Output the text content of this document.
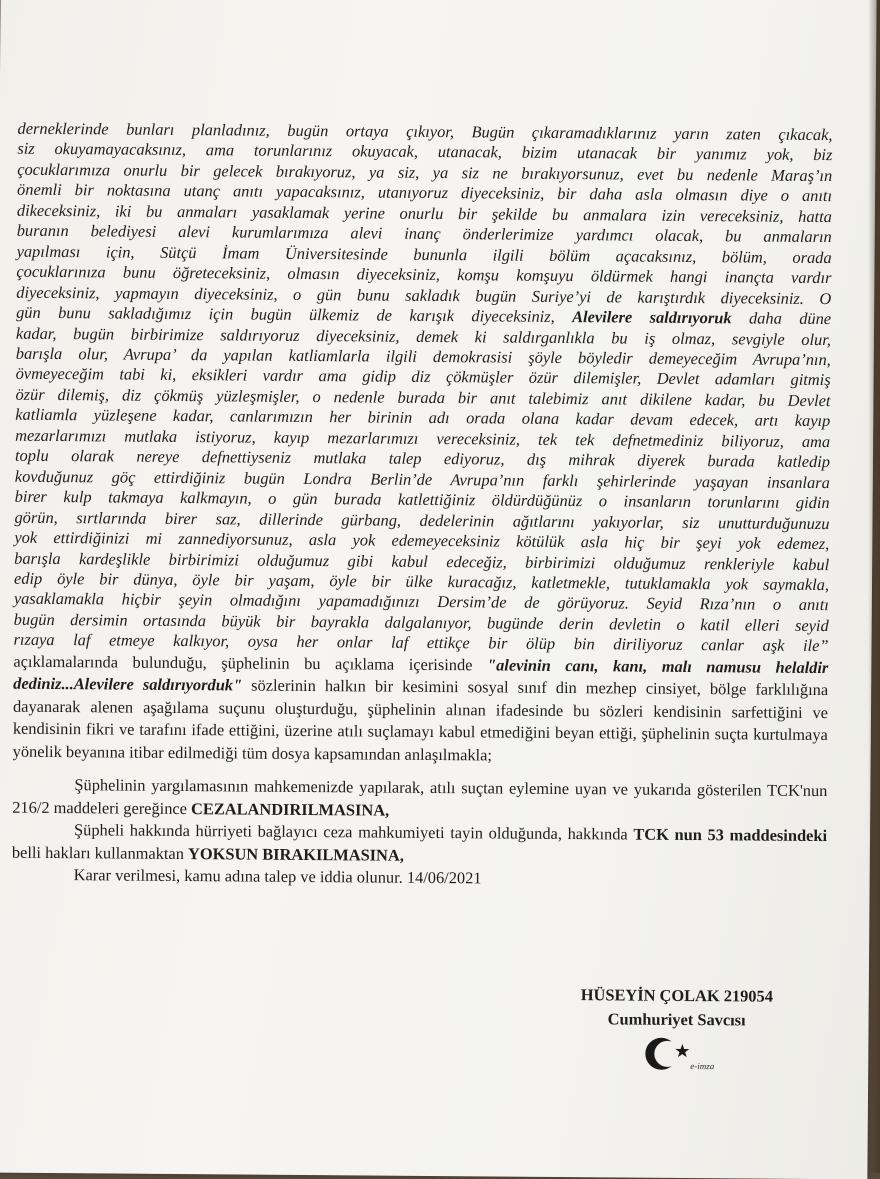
derneklerinde bunları planladınız, bugün ortaya çıkıyor, Bugün çıkaramadıklarınız yarın zaten çıkacak,

siz okuyamayacaksınız, ama torunlarınız okuyacak, utanacak, bizim utanacak bir yanımız yok, biz

çocuklarımıza onurlu bir gelecek bırakıyoruz, ya siz, ya siz ne bırakıyorsunuz, evet bu nedenle Maraş’ın

önemli bir noktasına utanç anıtı yapacaksınız, utanıyoruz diyeceksiniz, bir daha asla olmasın diye o anıtı

dikeceksiniz, iki bu anmaları yasaklamak yerine onurlu bir şekilde bu anmalara izin vereceksiniz, hatta

buranın belediyesi alevi kurumlarımıza alevi inanç önderlerimize yardımcı olacak, bu anmaların

yapılması için, Sütçü İmam Üniversitesinde bununla ilgili bölüm açacaksınız, bölüm, orada

çocuklarınıza bunu öğreteceksiniz, olmasın diyeceksiniz, komşu komşuyu öldürmek hangi inançta vardır

diyeceksiniz, yapmayın diyeceksiniz, o gün bunu sakladık bugün Suriye’yi de karıştırdık diyeceksiniz. O

gün bunu sakladığımız için bugün ülkemiz de karışık diyeceksiniz, Alevilere saldırıyoruk daha düne

kadar, bugün birbirimize saldırıyoruz diyeceksiniz, demek ki saldırganlıkla bu iş olmaz, sevgiyle olur,

barışla olur, Avrupa’ da yapılan katliamlarla ilgili demokrasisi şöyle böyledir demeyeceğim Avrupa’nın,

övmeyeceğim tabi ki, eksikleri vardır ama gidip diz çökmüşler özür dilemişler, Devlet adamları gitmiş

özür dilemiş, diz çökmüş yüzleşmişler, o nedenle burada bir anıt talebimiz anıt dikilene kadar, bu Devlet

katliamla yüzleşene kadar, canlarımızın her birinin adı orada olana kadar devam edecek, artı kayıp

mezarlarımızı mutlaka istiyoruz, kayıp mezarlarımızı vereceksiniz, tek tek defnetmediniz biliyoruz, ama

toplu olarak nereye defnettiyseniz mutlaka talep ediyoruz, dış mihrak diyerek burada katledip

kovduğunuz göç ettirdiğiniz bugün Londra Berlin’de Avrupa’nın farklı şehirlerinde yaşayan insanlara

birer kulp takmaya kalkmayın, o gün burada katlettiğiniz öldürdüğünüz o insanların torunlarını gidin

görün, sırtlarında birer saz, dillerinde gürbang, dedelerinin ağıtlarını yakıyorlar, siz unutturduğunuzu

yok ettirdiğinizi mi zannediyorsunuz, asla yok edemeyeceksiniz kötülük asla hiç bir şeyi yok edemez,

barışla kardeşlikle birbirimizi olduğumuz gibi kabul edeceğiz, birbirimizi olduğumuz renkleriyle kabul

edip öyle bir dünya, öyle bir yaşam, öyle bir ülke kuracağız, katletmekle, tutuklamakla yok saymakla,

yasaklamakla hiçbir şeyin olmadığını yapamadığınızı Dersim’de de görüyoruz. Seyid Rıza’nın o anıtı

bugün dersimin ortasında büyük bir bayrakla dalgalanıyor, bugünde derin devletin o katil elleri seyid

rızaya laf etmeye kalkıyor, oysa her onlar laf ettikçe bir ölüp bin diriliyoruz canlar aşk ile”

açıklamalarında bulunduğu, şüphelinin bu açıklama içerisinde "alevinin canı, kanı, malı namusu helaldir dediniz...Alevilere saldırıyorduk" sözlerinin halkın bir kesimini sosyal sınıf din mezhep cinsiyet, bölge farklılığına dayanarak alenen aşağılama suçunu oluşturduğu, şüphelinin alınan ifadesinde bu sözleri kendisinin sarfettiğini ve kendisinin fikri ve tarafını ifade ettiğini, üzerine atılı suçlamayı kabul etmediğini beyan ettiği, şüphelinin suçta kurtulmaya yönelik beyanına itibar edilmediği tüm dosya kapsamından anlaşılmakla;

Şüphelinin yargılamasının mahkemenizde yapılarak, atılı suçtan eylemine uyan ve yukarıda gösterilen TCK'nun 216/2 maddeleri gereğince CEZALANDIRILMASINA,

Şüpheli hakkında hürriyeti bağlayıcı ceza mahkumiyeti tayin olduğunda, hakkında TCK nun 53 maddesindeki belli hakları kullanmaktan YOKSUN BIRAKILMASINA,

Karar verilmesi, kamu adına talep ve iddia olunur. 14/06/2021

HÜSEYİN ÇOLAK 219054
Cumhuriyet Savcısı
e-imza
